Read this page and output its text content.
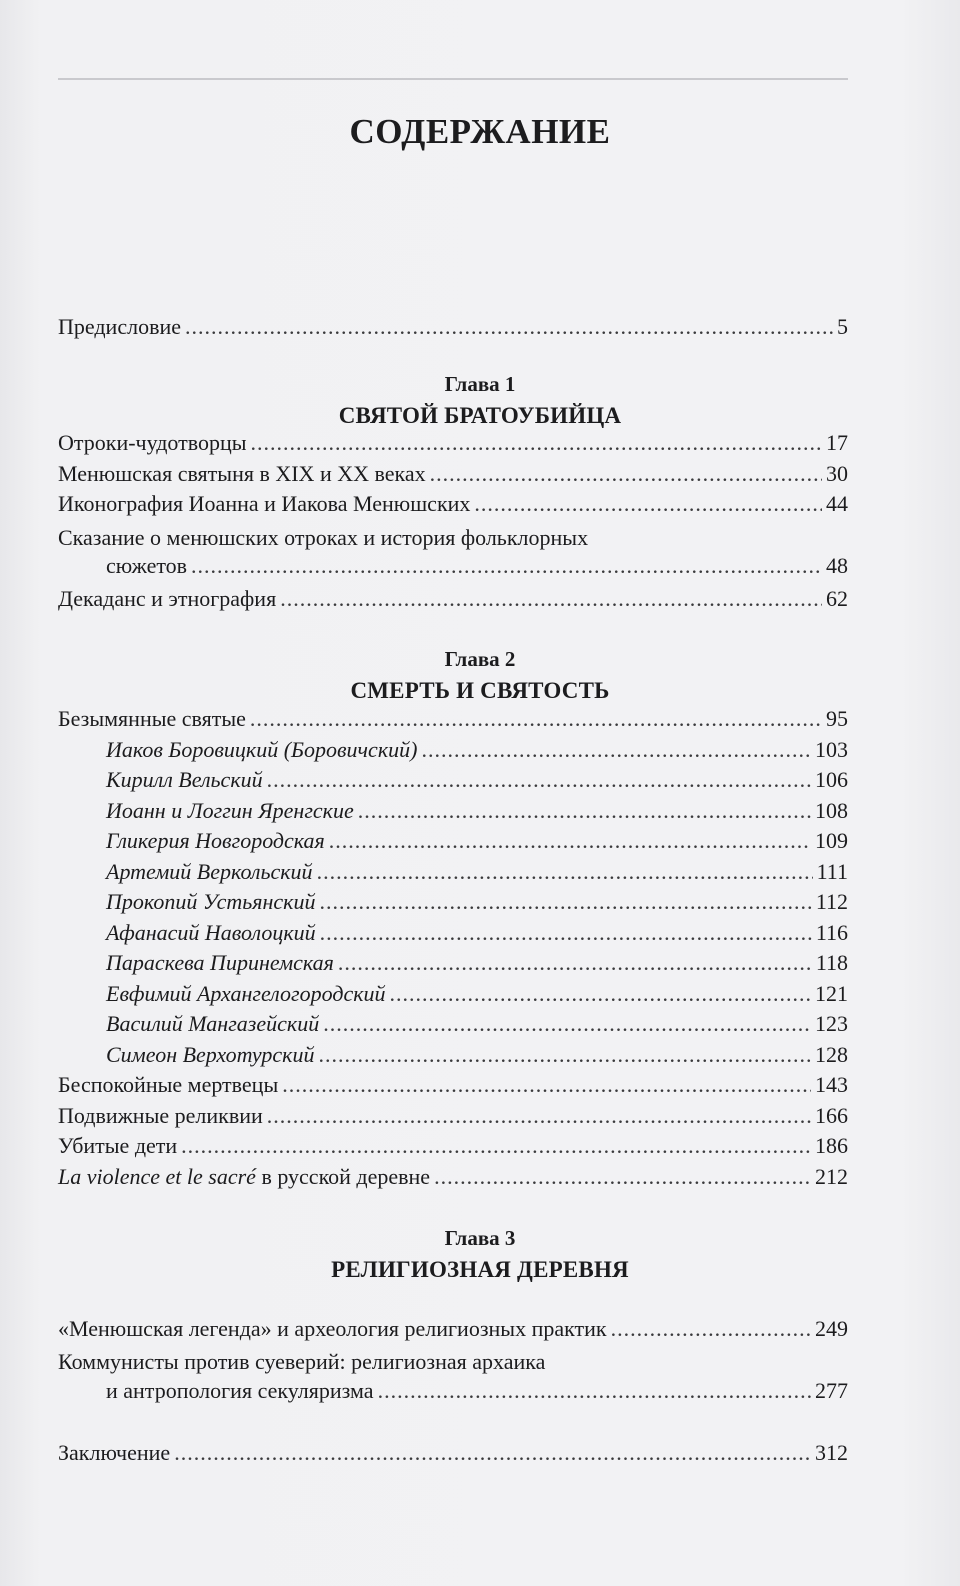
СОДЕРЖАНИЕ
Предисловие .....	5
Глава 1
СВЯТОЙ БРАТОУБИЙЦА
Отроки-чудотворцы .....	17
Менюшская святыня в XIX и XX веках .....	30
Иконография Иоанна и Иакова Менюшских .....	44
Сказание о менюшских отроках и история фольклорных
сюжетов .....	48
Декаданс и этнография .....	62
Глава 2
СМЕРТЬ И СВЯТОСТЬ
Безымянные святые .....	95
Иаков Боровицкий (Боровичский) .....	103
Кирилл Вельский .....	106
Иоанн и Логгин Яренгские .....	108
Гликерия Новгородская .....	109
Артемий Веркольский .....	111
Прокопий Устьянский .....	112
Афанасий Наволоцкий .....	116
Параскева Пиринемская .....	118
Евфимий Архангелогородский .....	121
Василий Мангазейский .....	123
Симеон Верхотурский .....	128
Беспокойные мертвецы .....	143
Подвижные реликвии .....	166
Убитые дети .....	186
La violence et le sacré в русской деревне .....	212
Глава 3
РЕЛИГИОЗНАЯ ДЕРЕВНЯ
«Менюшская легенда» и археология религиозных практик .....	249
Коммунисты против суеверий: религиозная архаика
и антропология секуляризма .....	277
Заключение .....	312
